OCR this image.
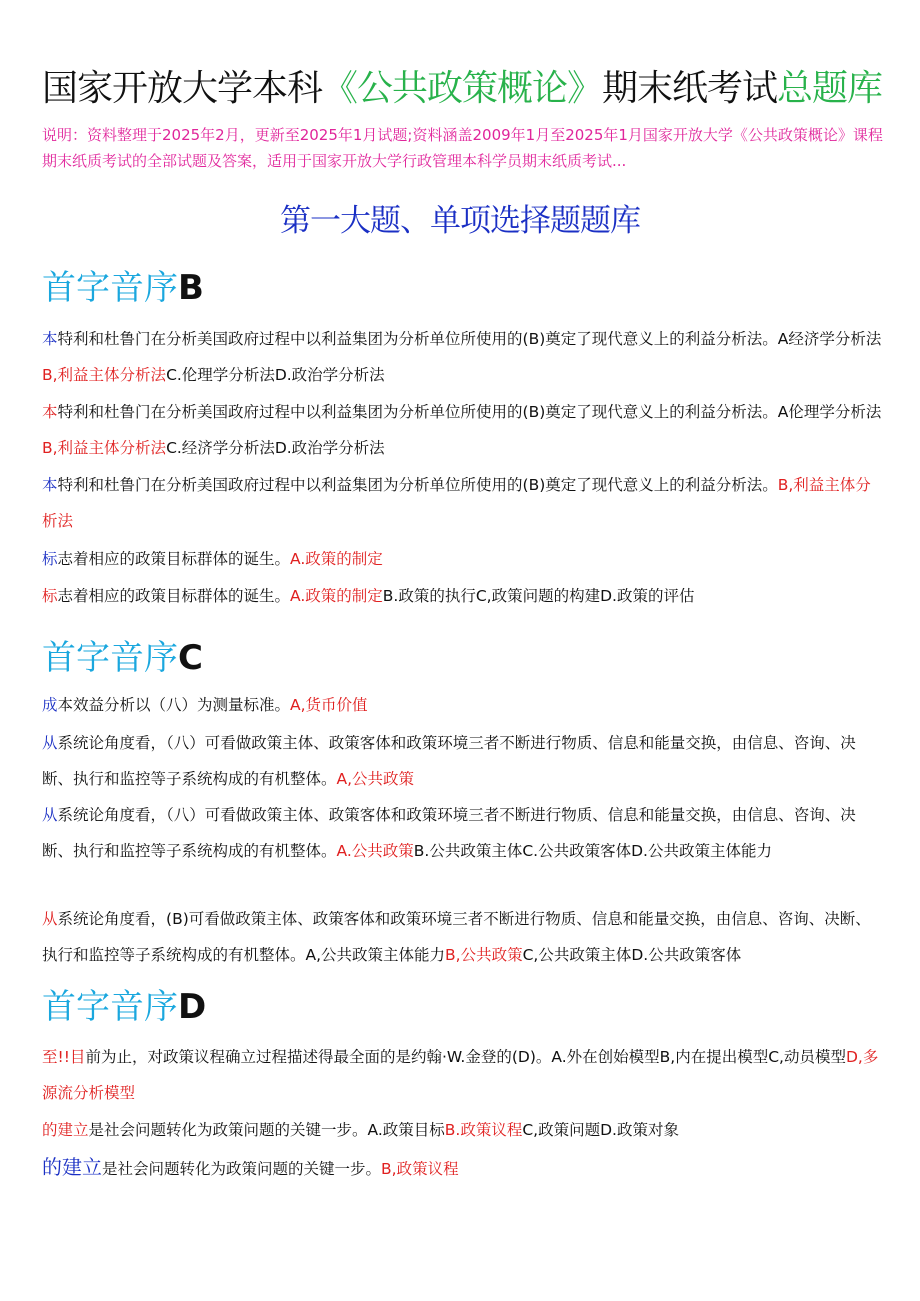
国家开放大学本科《公共政策概论》期末纸考试总题库
说明：资料整理于2025年2月，更新至2025年1月试题;资料涵盖2009年1月至2025年1月国家开放大学《公共政策概论》课程期末纸质考试的全部试题及答案，适用于国家开放大学行政管理本科学员期末纸质考试...
第一大题、单项选择题题库
首字音序B
本特利和杜鲁门在分析美国政府过程中以利益集团为分析单位所使用的(B)奠定了现代意义上的利益分析法。A经济学分析法B,利益主体分析法C.伦理学分析法D.政治学分析法
本特利和杜鲁门在分析美国政府过程中以利益集团为分析单位所使用的(B)奠定了现代意义上的利益分析法。A伦理学分析法B,利益主体分析法C.经济学分析法D.政治学分析法
本特利和杜鲁门在分析美国政府过程中以利益集团为分析单位所使用的(B)奠定了现代意义上的利益分析法。B,利益主体分析法
标志着相应的政策目标群体的诞生。A.政策的制定
标志着相应的政策目标群体的诞生。A.政策的制定B.政策的执行C,政策问题的构建D.政策的评估
首字音序C
成本效益分析以（八）为测量标准。A,货币价值
从系统论角度看，（八）可看做政策主体、政策客体和政策环境三者不断进行物质、信息和能量交换，由信息、咨询、决断、执行和监控等子系统构成的有机整体。A,公共政策
从系统论角度看，（八）可看做政策主体、政策客体和政策环境三者不断进行物质、信息和能量交换，由信息、咨询、决断、执行和监控等子系统构成的有机整体。A.公共政策B.公共政策主体C.公共政策客体D.公共政策主体能力
从系统论角度看，(B)可看做政策主体、政策客体和政策环境三者不断进行物质、信息和能量交换，由信息、咨询、决断、执行和监控等子系统构成的有机整体。A,公共政策主体能力B,公共政策C,公共政策主体D.公共政策客体
首字音序D
至!!目前为止，对政策议程确立过程描述得最全面的是约翰·W.金登的(D)。A.外在创始模型B,内在提出模型C,动员模型D,多源流分析模型
的建立是社会问题转化为政策问题的关键一步。A.政策目标B.政策议程C,政策问题D.政策对象
的建立是社会问题转化为政策问题的关键一步。B,政策议程
